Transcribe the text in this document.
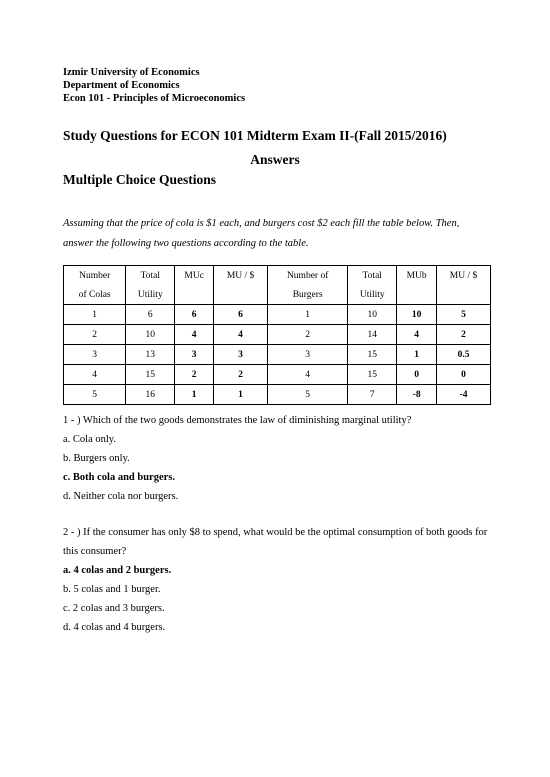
Izmir University of Economics
Department of Economics
Econ 101 - Principles of Microeconomics
Study Questions for ECON 101 Midterm Exam II-(Fall 2015/2016)
Answers
Multiple Choice Questions
Assuming that the price of cola is $1 each, and burgers cost $2 each fill the table below. Then, answer the following two questions according to the table.
Number	Total	MUc	MU / $	Number of	Total	MUb	MU / $
of Colas	Utility			Burgers	Utility		
1	6	6	6	1	10	10	5
2	10	4	4	2	14	4	2
3	13	3	3	3	15	1	0.5
4	15	2	2	4	15	0	0
5	16	1	1	5	7	-8	-4
1 - ) Which of the two goods demonstrates the law of diminishing marginal utility?
a. Cola only.
b. Burgers only.
c. Both cola and burgers.
d. Neither cola nor burgers.
2 - ) If the consumer has only $8 to spend, what would be the optimal consumption of both goods for this consumer?
a. 4 colas and 2 burgers.
b. 5 colas and 1 burger.
c. 2 colas and 3 burgers.
d. 4 colas and 4 burgers.
